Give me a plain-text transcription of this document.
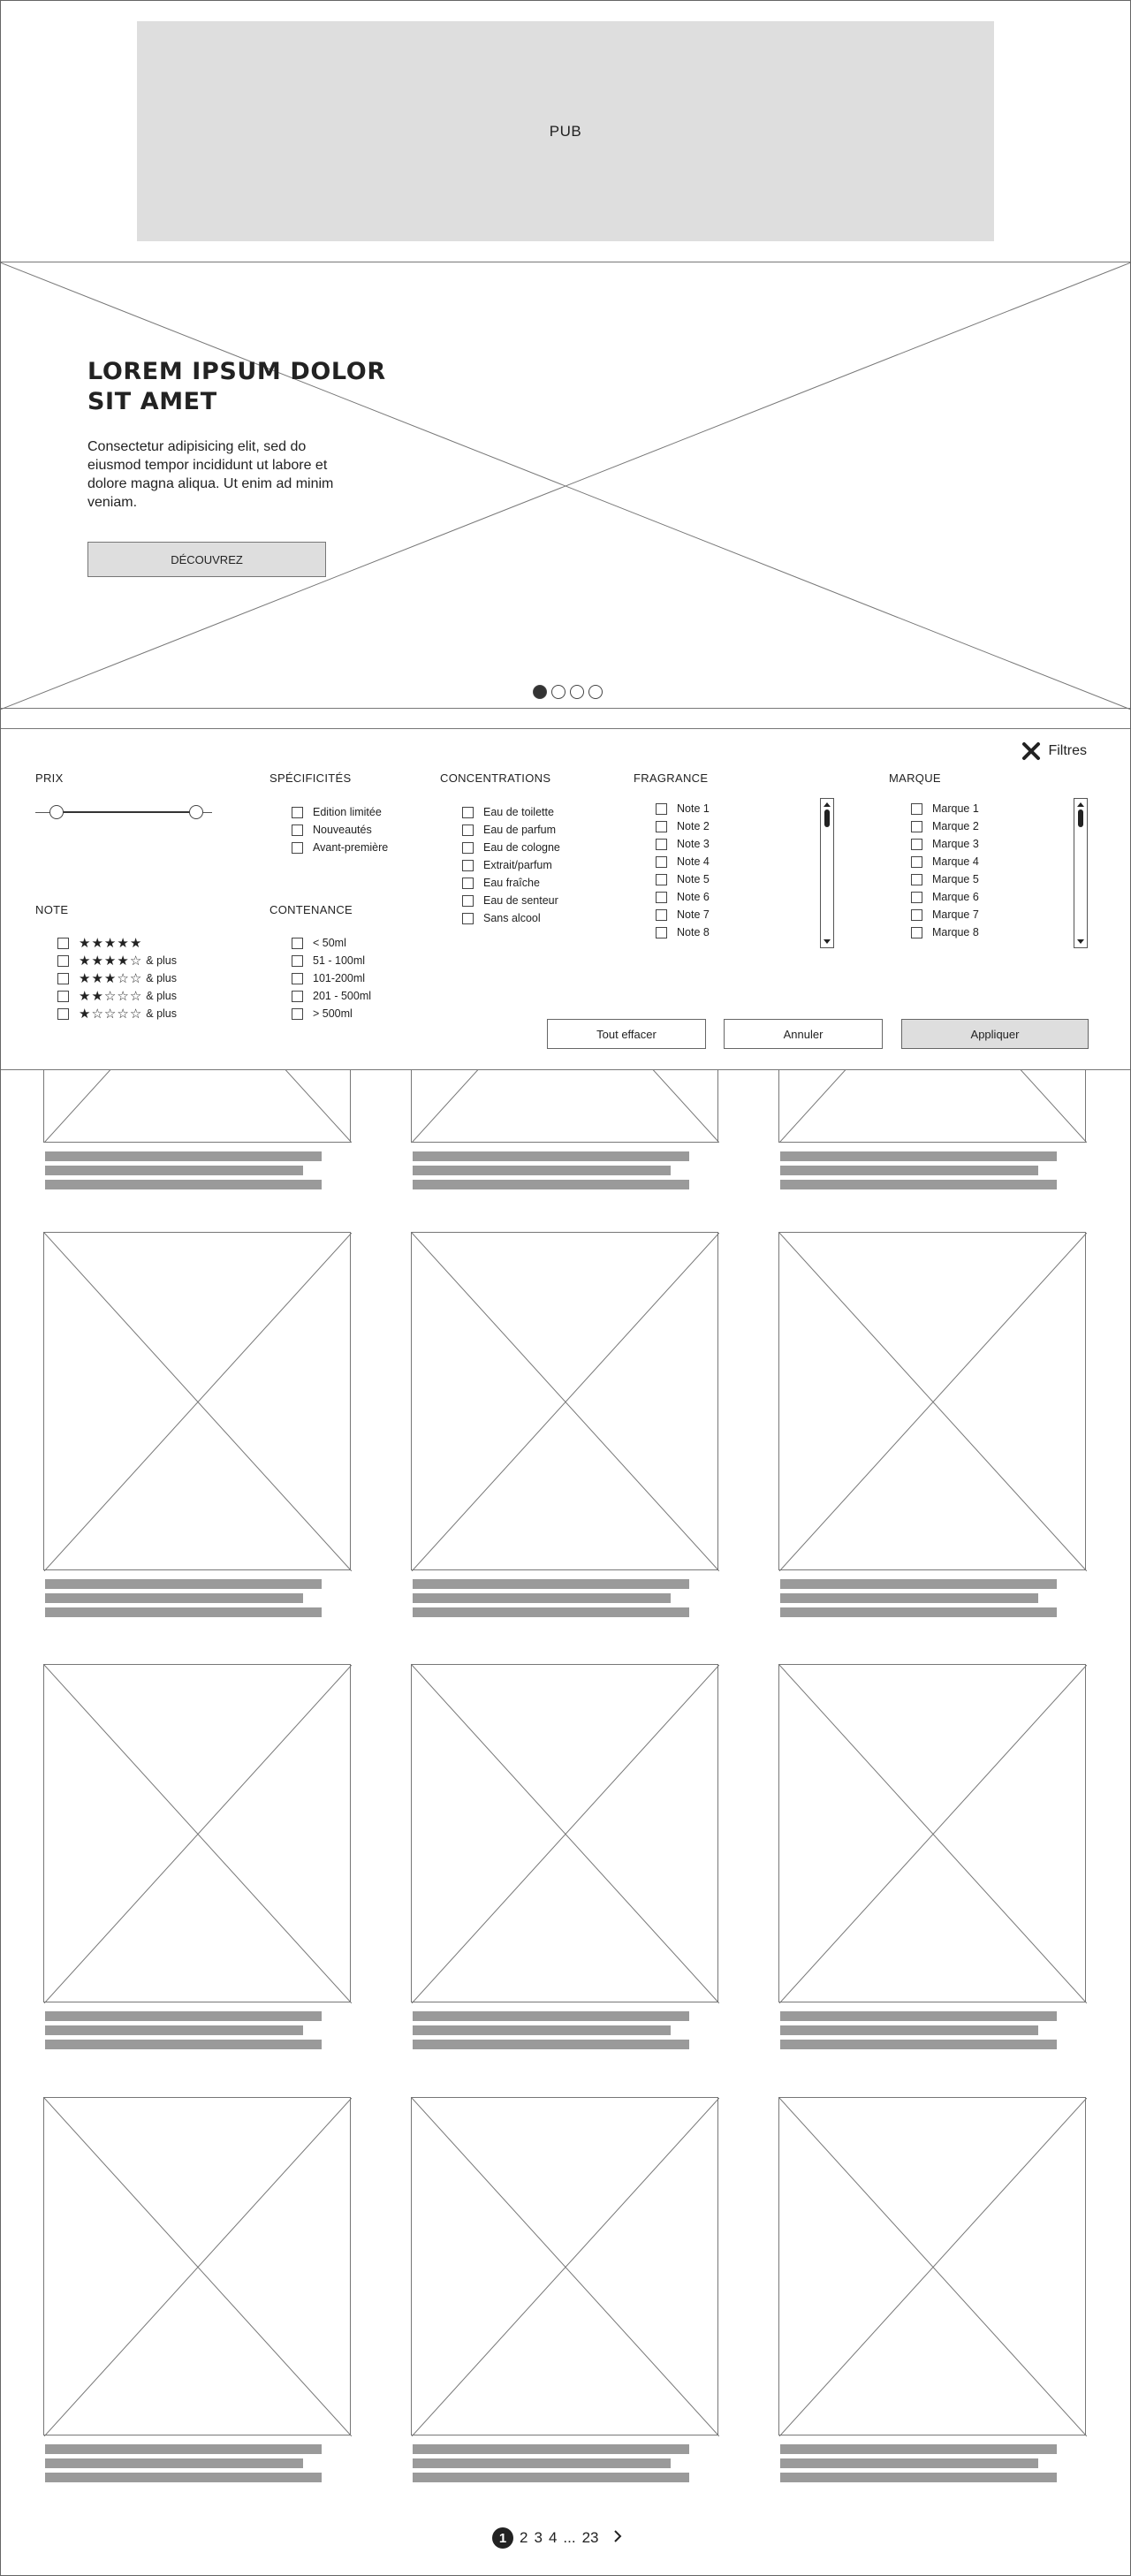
PUB
LOREM IPSUM DOLOR SIT AMET
Consectetur adipisicing elit, sed do eiusmod tempor incididunt ut labore et dolore magna aliqua. Ut enim ad minim veniam.
DÉCOUVREZ
Filtres
PRIX	SPÉCIFICITÉS
Edition limitée
Nouveautés
Avant-première
CONCENTRATIONS
Eau de toilette
Eau de parfum
Eau de cologne
Extrait/parfum
Eau fraîche
Eau de senteur
Sans alcool
FRAGRANCE
Note 1
Note 2
Note 3
Note 4
Note 5
Note 6
Note 7
Note 8
MARQUE
Marque 1
Marque 2
Marque 3
Marque 4
Marque 5
Marque 6
Marque 7
Marque 8
NOTE
★ ★ ★ ★ ★
★ ★ ★ ★ ☆ & plus
★ ★ ★ ☆ ☆ & plus
★ ★ ☆ ☆ ☆ & plus
★ ☆ ☆ ☆ ☆ & plus
CONTENANCE
< 50ml
51 - 100ml
101-200ml
201 - 500ml
> 500ml
Tout effacer	Annuler	Appliquer
1 2 3 4 ... 23
